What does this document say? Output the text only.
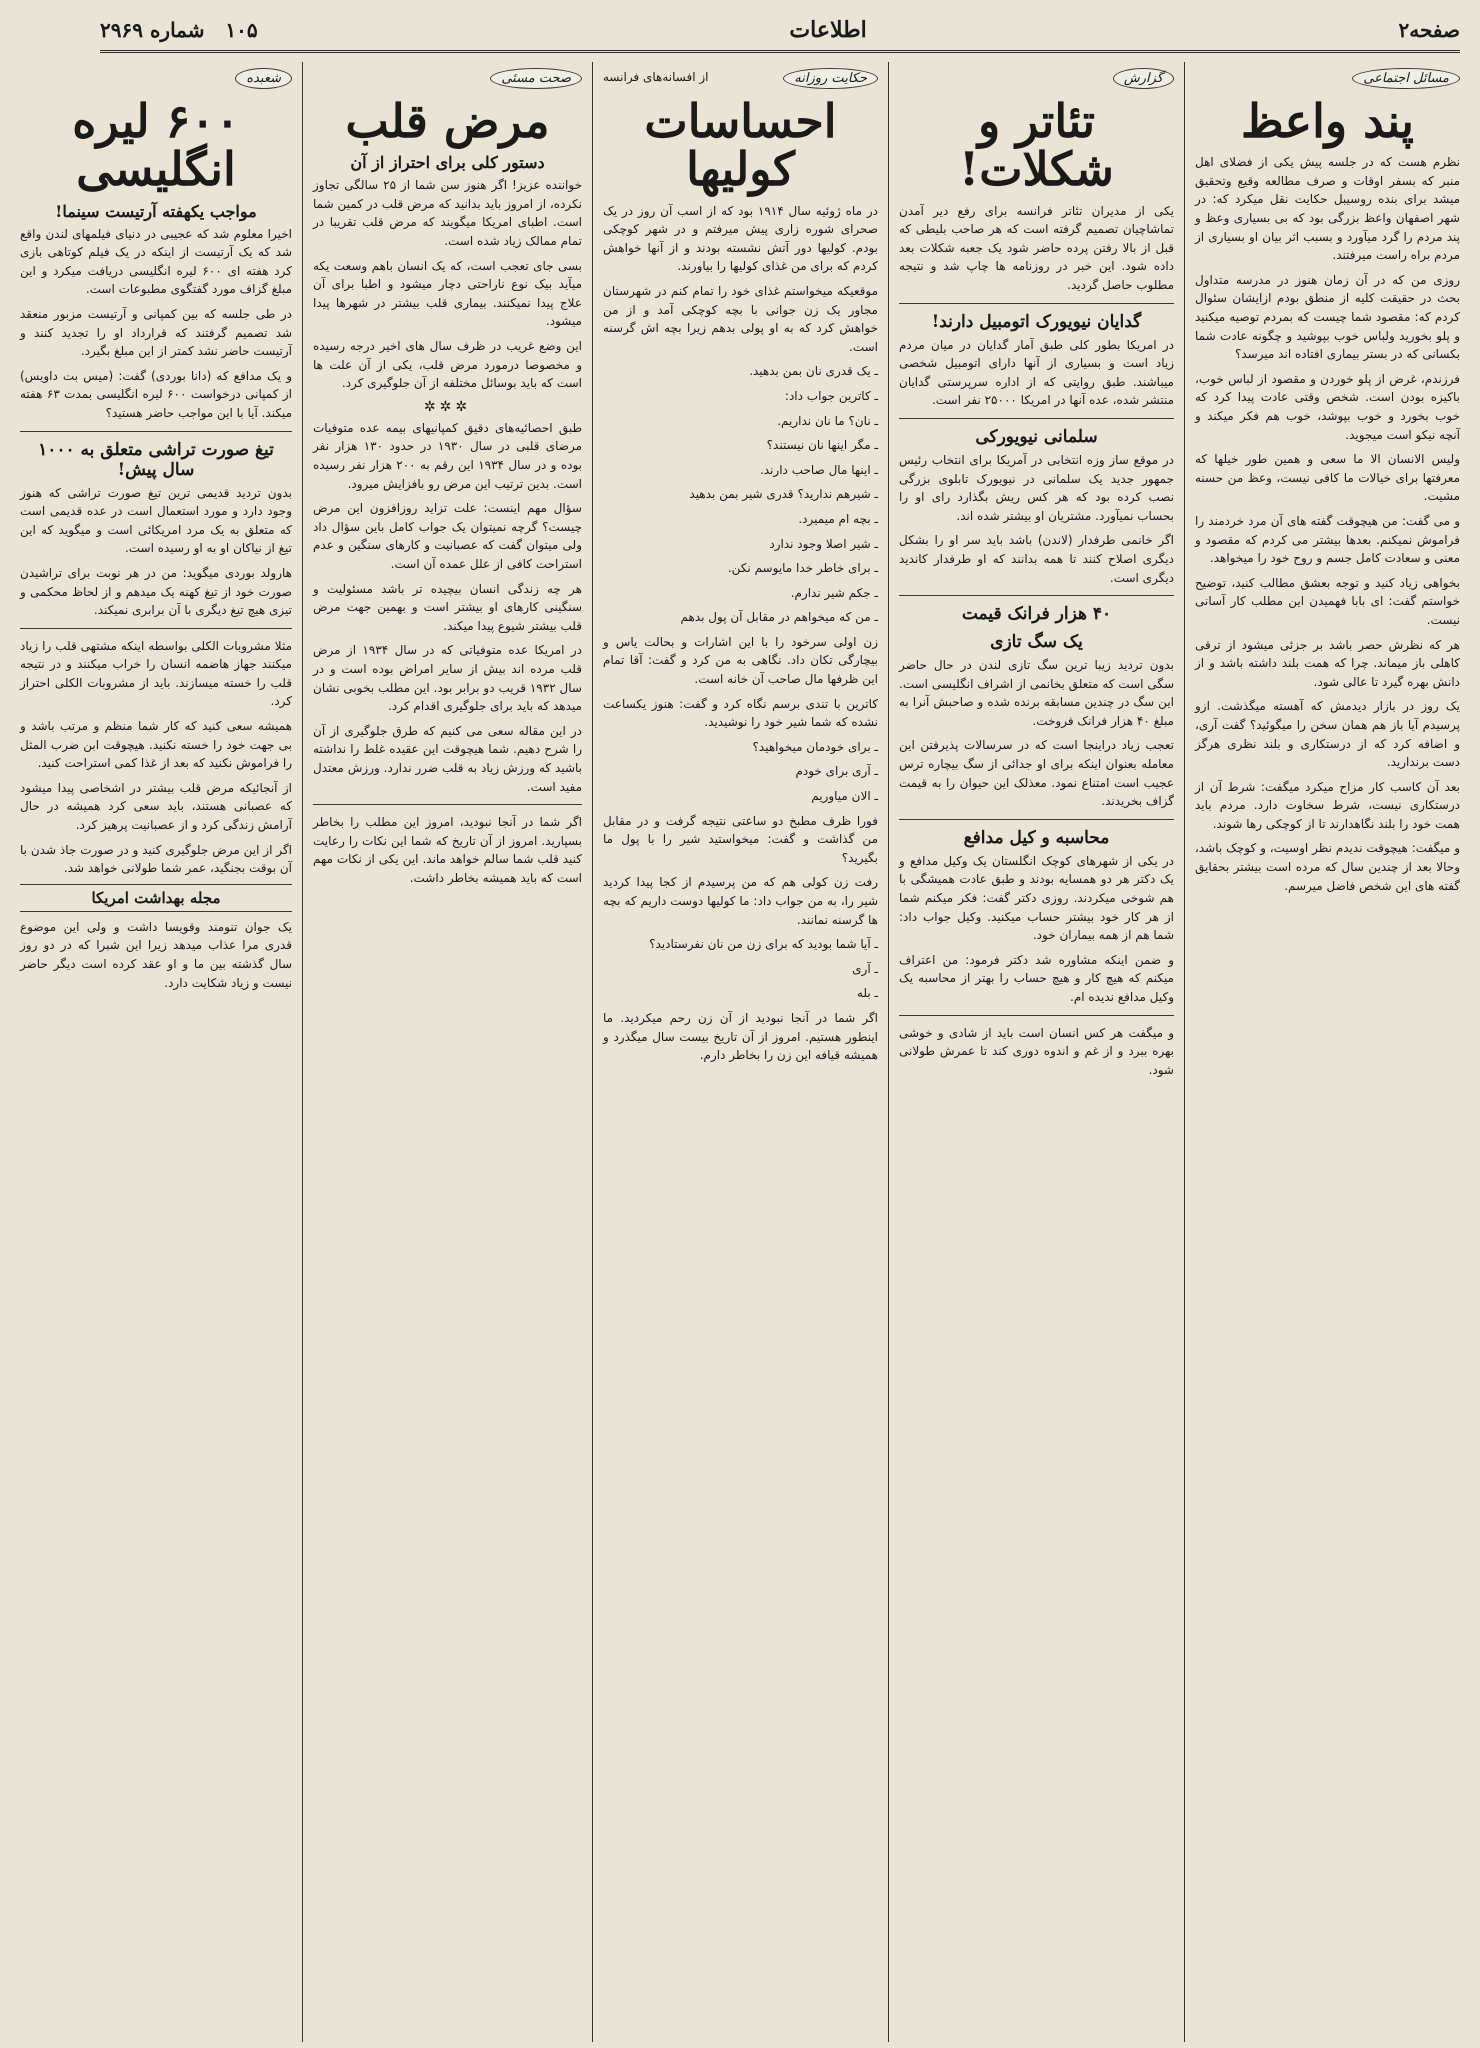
صفحه۲
اطلاعات
۱۰۵   شماره ۲۹۶۹
مسائل اجتماعی
پند واعظ

نظرم هست که در جلسه پیش یکی از فضلای اهل منبر که بسفر اوقات و صرف مطالعه وقیع وتحقیق میشد برای بنده روسیبل حکایت نقل میکرد که: در شهر اصفهان واعظ بزرگی بود که بی بسیاری وعظ و پند مردم را گرد میآورد و بسبب اثر بیان او بسیاری از مردم براه راست میرفتند.

روزی من که در آن زمان هنوز در مدرسه متداول بحث در حقیقت کلیه از منطق بودم ازایشان سئوال کردم که: مقصود شما چیست که بمردم توصیه میکنید و پلو بخورید ولباس خوب بپوشید و چگونه عادت شما بکسانی که در بستر بیماری افتاده اند میرسد؟

فرزندم، غرض از پلو خوردن و مقصود از لباس خوب، باکیزه بودن است. شخص وقتی عادت پیدا کرد که خوب بخورد و خوب بپوشد، خوب هم فکر میکند و آنچه نیکو است میجوید.

ولیس الانسان الا ما سعی و همین طور خیلها که معرفتها برای خیالات ما کافی نیست، وعظ من حسنه مشیت.

و می گفت: من هیچوقت گفته های آن مرد خردمند را فراموش نمیکنم. بعدها بیشتر می کردم که مقصود و معنی و سعادت کامل جسم و روح خود را میخواهد.

بخواهی زیاد کنید و توجه بعشق مطالب کنید، توضیح خواستم گفت: ای بابا فهمیدن این مطلب کار آسانی نیست.

هر که نظرش حصر باشد بر جزئی میشود از ترقی کاهلی باز میماند. چرا که همت بلند داشته باشد و از دانش بهره گیرد تا عالی شود.

یک روز در بازار دیدمش که آهسته میگذشت. ازو پرسیدم آیا باز هم همان سخن را میگوئید؟ گفت آری، و اضافه کرد که از درستکاری و بلند نظری هرگز دست برندارید.

بعد آن کاسب کار مزاح میکرد میگفت: شرط آن از درستکاری نیست، شرط سخاوت دارد. مردم باید همت خود را بلند نگاهدارند تا از کوچکی رها شوند.

و میگفت: هیچوقت ندیدم نظر اوسیت، و کوچک باشد، وحالا بعد از چندین سال که مرده است بیشتر بحقایق گفته های این شخص فاضل میرسم.

گزارش
تئاتر و شکلات!

یکی از مدیران تئاتر فرانسه برای رفع دیر آمدن تماشاچیان تصمیم گرفته است که هر صاحب بلیطی که قبل از بالا رفتن پرده حاضر شود یک جعبه شکلات بعد داده شود. این خبر در روزنامه ها چاپ شد و نتیجه مطلوب حاصل گردید.

گدایان نیویورک اتومبیل دارند!

در امریکا بطور کلی طبق آمار گدایان در میان مردم زیاد است و بسیاری از آنها دارای اتومبیل شخصی میباشند. طبق روایتی که از اداره سرپرستی گدایان منتشر شده، عده آنها در امریکا ۲۵۰۰۰ نفر است.

سلمانی نیویورکی

در موقع ساز وزه انتخابی در آمریکا برای انتخاب رئیس جمهور جدید یک سلمانی در نیویورک تابلوی بزرگی نصب کرده بود که هر کس ریش بگذارد رای او را بحساب نمیآورد. مشتریان او بیشتر شده اند.

اگر خانمی طرفدار (لاندن) باشد باید سر او را بشکل دیگری اصلاح کنند تا همه بدانند که او طرفدار کاندید دیگری است.

۴۰ هزار فرانک قیمت
یک سگ تازی

بدون تردید زیبا ترین سگ تازی لندن در حال حاضر سگی است که متعلق بخانمی از اشراف انگلیسی است. این سگ در چندین مسابقه برنده شده و صاحبش آنرا به مبلغ ۴۰ هزار فرانک فروخت.

تعجب زیاد دراینجا است که در سرسالات پذیرفتن این معامله بعنوان اینکه برای او جدائی از سگ بیچاره ترس عجیب است امتناع نمود. معذلک این حیوان را به قیمت گزاف بخریدند.

محاسبه و کیل مدافع

در یکی از شهرهای کوچک انگلستان یک وکیل مدافع و یک دکتر هر دو همسایه بودند و طبق عادت همیشگی با هم شوخی میکردند. روزی دکتر گفت: فکر میکنم شما از هر کار خود بیشتر حساب میکنید. وکیل جواب داد: شما هم از همه بیماران خود.

و ضمن اینکه مشاوره شد دکتر فرمود: من اعتراف میکنم که هیچ کار و هیچ حساب را بهتر از محاسبه یک وکیل مدافع ندیده ام.

و میگفت هر کس انسان است باید از شادی و خوشی بهره ببرد و از غم و اندوه دوری کند تا عمرش طولانی شود.

حکایت روزانه
از افسانه‌های فرانسه
احساسات کولیها

در ماه ژوئیه سال ۱۹۱۴ بود که از اسب آن روز در یک صحرای شوره زاری پیش میرفتم و در شهر کوچکی بودم. کولیها دور آتش نشسته بودند و از آنها خواهش کردم که برای من غذای کولیها را بیاورند.

موقعیکه میخواستم غذای خود را تمام کنم در شهرستان مجاور یک زن جوانی با بچه کوچکی آمد و از من خواهش کرد که به او پولی بدهم زیرا بچه اش گرسنه است.

ـ یک قدری نان بمن بدهید.

ـ کاترین جواب داد:

ـ نان؟ ما نان نداریم.

ـ مگر اینها نان نیستند؟

ـ اینها مال صاحب دارند.

ـ شیرهم ندارید؟ قدری شیر بمن بدهید

ـ بچه ام میمیرد.

ـ شیر اصلا وجود ندارد

ـ برای خاطر خدا مایوسم نکن.

ـ جکم شیر ندارم.

ـ من که میخواهم در مقابل آن پول بدهم

زن اولی سرخود را با این اشارات و بحالت یاس و بیچارگی تکان داد. نگاهی به من کرد و گفت: آقا تمام این ظرفها مال صاحب آن خانه است.

کاترین با تندی برسم نگاه کرد و گفت: هنوز یکساعت نشده که شما شیر خود را نوشیدید.

ـ برای خودمان میخواهید؟

ـ آری برای خودم

ـ الان میاوریم

فورا ظرف مطبخ دو ساعتی نتیجه گرفت و در مقابل من گذاشت و گفت: میخواستید شیر را با پول ما بگیرید؟

رفت زن کولی هم که من پرسیدم از کجا پیدا کردید شیر را، به من جواب داد: ما کولیها دوست داریم که بچه ها گرسنه نمانند.

ـ آیا شما بودید که برای زن من نان نفرستادید؟

ـ آری

ـ بله

اگر شما در آنجا نبودید از آن زن رحم میکردید. ما اینطور هستیم. امروز از آن تاریخ بیست سال میگذرد و همیشه قیافه این زن را بخاطر دارم.

صحت مسئی
مرض قلب
دستور کلی برای احتراز از آن

خواننده عزیز! اگر هنوز سن شما از ۲۵ سالگی تجاوز نکرده، از امروز باید بدانید که مرض قلب در کمین شما است. اطبای امریکا میگویند که مرض قلب تقریبا در تمام ممالک زیاد شده است.

بسی جای تعجب است، که یک انسان باهم وسعت یکه میآید بیک نوع ناراحتی دچار میشود و اطبا برای آن علاج پیدا نمیکنند. بیماری قلب بیشتر در شهرها پیدا میشود.

این وضع غریب در ظرف سال های اخیر درجه رسیده و مخصوصا درمورد مرض قلب، یکی از آن علت ها است که باید بوسائل مختلفه از آن جلوگیری کرد.

✲✲✲

طبق احصائیه‌های دقیق کمپانیهای بیمه عده متوفیات مرضای قلبی در سال ۱۹۳۰ در حدود ۱۳۰ هزار نفر بوده و در سال ۱۹۳۴ این رقم به ۲۰۰ هزار نفر رسیده است. بدین ترتیب این مرض رو بافزایش میرود.

سؤال مهم اینست: علت تزاید روزافزون این مرض چیست؟ گرچه نمیتوان یک جواب کامل باین سؤال داد ولی میتوان گفت که عصبانیت و کارهای سنگین و عدم استراحت کافی از علل عمده آن است.

هر چه زندگی انسان بیچیده تر باشد مسئولیت و سنگینی کارهای او بیشتر است و بهمین جهت مرض قلب بیشتر شیوع پیدا میکند.

در امریکا عده متوفیاتی که در سال ۱۹۳۴ از مرض قلب مرده اند بیش از سایر امراض بوده است و در سال ۱۹۳۲ قریب دو برابر بود. این مطلب بخوبی نشان میدهد که باید برای جلوگیری اقدام کرد.

در این مقاله سعی می کنیم که طرق جلوگیری از آن را شرح دهیم. شما هیچوقت این عقیده غلط را نداشته باشید که ورزش زیاد به قلب ضرر ندارد. ورزش معتدل مفید است.

اگر شما در آنجا نبودید، امروز این مطلب را بخاطر بسپارید. امروز از آن تاریخ که شما این نکات را رعایت کنید قلب شما سالم خواهد ماند. این یکی از نکات مهم است که باید همیشه بخاطر داشت.

شعبده
۶۰۰ لیره انگلیسی
مواجب یکهفته آرتیست سینما!

اخیرا معلوم شد که عجیبی در دنیای فیلمهای لندن واقع شد که یک آرتیست از اینکه در یک فیلم کوتاهی بازی کرد هفته ای ۶۰۰ لیره انگلیسی دریافت میکرد و این مبلغ گزاف مورد گفتگوی مطبوعات است.

در طی جلسه که بین کمپانی و آرتیست مزبور منعقد شد تصمیم گرفتند که قرارداد او را تجدید کنند و آرتیست حاضر نشد کمتر از این مبلغ بگیرد.

و یک مدافع که (دانا بوردی) گفت: (میس بت داویس) از کمپانی درخواست ۶۰۰ لیره انگلیسی بمدت ۶۳ هفته میکند. آیا با این مواجب حاضر هستید؟

تیغ صورت تراشی متعلق به ۱۰۰۰ سال پیش!

بدون تردید قدیمی ترین تیغ صورت تراشی که هنوز وجود دارد و مورد استعمال است در عده قدیمی است که متعلق به یک مرد امریکائی است و میگوید که این تیغ از نیاکان او به او رسیده است.

هارولد بوردی میگوید: من در هر نوبت برای تراشیدن صورت خود از تیغ کهنه یک میدهم و از لحاظ محکمی و تیزی هیچ تیغ دیگری با آن برابری نمیکند.

مثلا مشروبات الکلی بواسطه اینکه مشتهی قلب را زیاد میکنند جهاز هاضمه انسان را خراب میکنند و در نتیجه قلب را خسته میسازند. باید از مشروبات الکلی احتراز کرد.

همیشه سعی کنید که کار شما منظم و مرتب باشد و بی جهت خود را خسته نکنید. هیچوقت ابن ضرب المثل را فراموش نکنید که بعد از غذا کمی استراحت کنید.

از آنجائیکه مرض قلب بیشتر در اشخاصی پیدا میشود که عصبانی هستند، باید سعی کرد همیشه در حال آرامش زندگی کرد و از عصبانیت پرهیز کرد.

اگر از این مرض جلوگیری کنید و در صورت جاذ شدن با آن بوقت بجنگید، عمر شما طولانی خواهد شد.

مجله بهداشت امریکا

یک جوان تنومند وقویسا داشت و ولی این موضوع قدری مرا عذاب میدهد زیرا این شبرا که در دو روز سال گذشته بین ما و او عقد کرده است دیگر حاضر نیست و زیاد شکایت دارد.
